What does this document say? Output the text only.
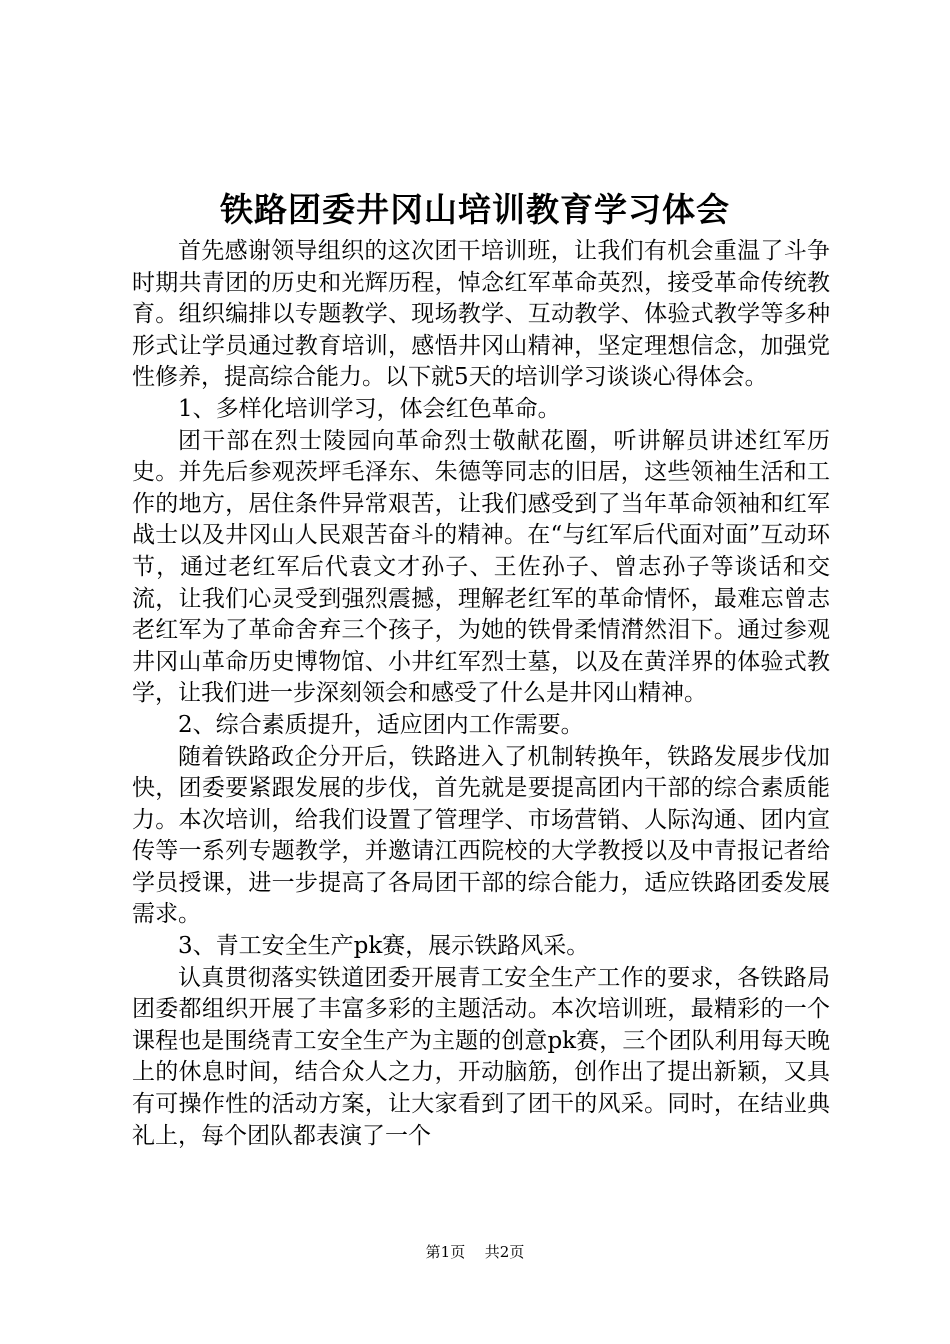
铁路团委井冈山培训教育学习体会

首先感谢领导组织的这次团干培训班，让我们有机会重温了斗争时期共青团的历史和光辉历程，悼念红军革命英烈，接受革命传统教育。组织编排以专题教学、现场教学、互动教学、体验式教学等多种形式让学员通过教育培训，感悟井冈山精神，坚定理想信念，加强党性修养，提高综合能力。以下就5天的培训学习谈谈心得体会。

1、多样化培训学习，体会红色革命。

团干部在烈士陵园向革命烈士敬献花圈，听讲解员讲述红军历史。并先后参观茨坪毛泽东、朱德等同志的旧居，这些领袖生活和工作的地方，居住条件异常艰苦，让我们感受到了当年革命领袖和红军战士以及井冈山人民艰苦奋斗的精神。在“与红军后代面对面”互动环节，通过老红军后代袁文才孙子、王佐孙子、曾志孙子等谈话和交流，让我们心灵受到强烈震撼，理解老红军的革命情怀，最难忘曾志老红军为了革命舍弃三个孩子，为她的铁骨柔情潸然泪下。通过参观井冈山革命历史博物馆、小井红军烈士墓，以及在黄洋界的体验式教学，让我们进一步深刻领会和感受了什么是井冈山精神。

2、综合素质提升，适应团内工作需要。

随着铁路政企分开后，铁路进入了机制转换年，铁路发展步伐加快，团委要紧跟发展的步伐，首先就是要提高团内干部的综合素质能力。本次培训，给我们设置了管理学、市场营销、人际沟通、团内宣传等一系列专题教学，并邀请江西院校的大学教授以及中青报记者给学员授课，进一步提高了各局团干部的综合能力，适应铁路团委发展需求。

3、青工安全生产pk赛，展示铁路风采。

认真贯彻落实铁道团委开展青工安全生产工作的要求，各铁路局团委都组织开展了丰富多彩的主题活动。本次培训班，最精彩的一个课程也是围绕青工安全生产为主题的创意pk赛，三个团队利用每天晚上的休息时间，结合众人之力，开动脑筋，创作出了提出新颖，又具有可操作性的活动方案，让大家看到了团干的风采。同时，在结业典礼上，每个团队都表演了一个

第1页 共2页
